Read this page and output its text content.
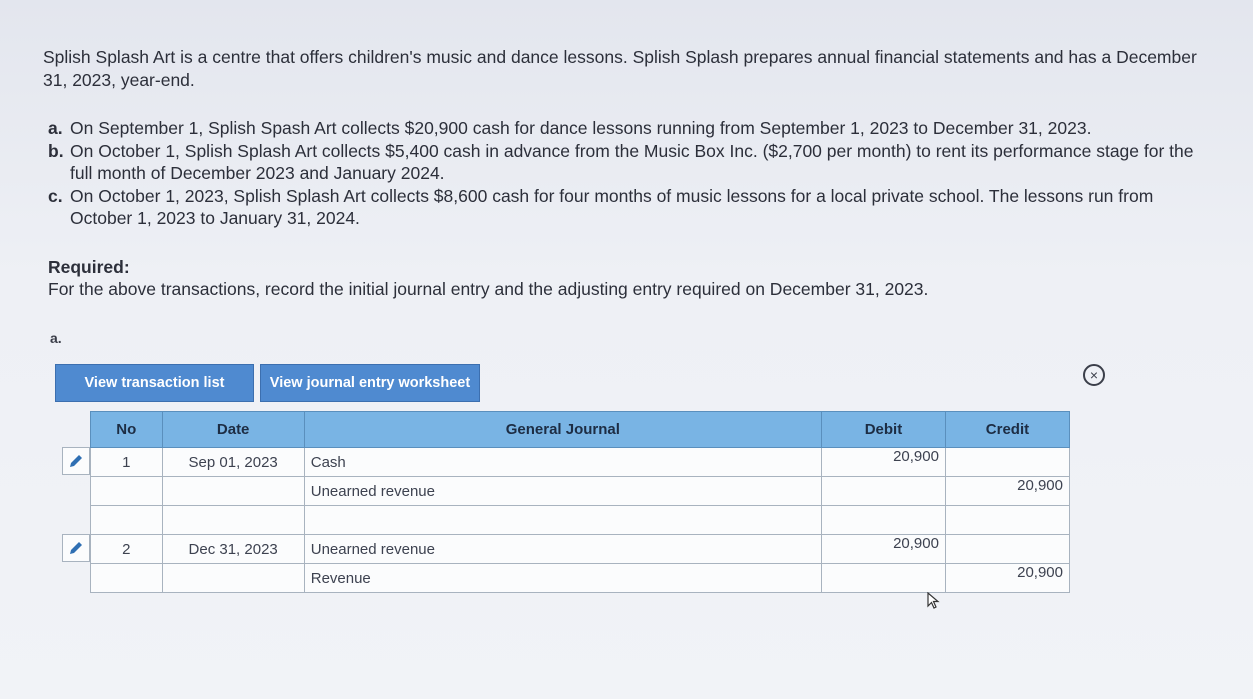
Splish Splash Art is a centre that offers children's music and dance lessons. Splish Splash prepares annual financial statements and has a December 31, 2023, year-end.
a. On September 1, Splish Spash Art collects $20,900 cash for dance lessons running from September 1, 2023 to December 31, 2023.
b. On October 1, Splish Splash Art collects $5,400 cash in advance from the Music Box Inc. ($2,700 per month) to rent its performance stage for the full month of December 2023 and January 2024.
c. On October 1, 2023, Splish Splash Art collects $8,600 cash for four months of music lessons for a local private school. The lessons run from October 1, 2023 to January 31, 2024.
Required:
For the above transactions, record the initial journal entry and the adjusting entry required on December 31, 2023.
a.
View transaction list	View journal entry worksheet	×
No	Date	General Journal	Debit	Credit
1	Sep 01, 2023	Cash	20,900	
		Unearned revenue		20,900

2	Dec 31, 2023	Unearned revenue	20,900	
		Revenue		20,900
